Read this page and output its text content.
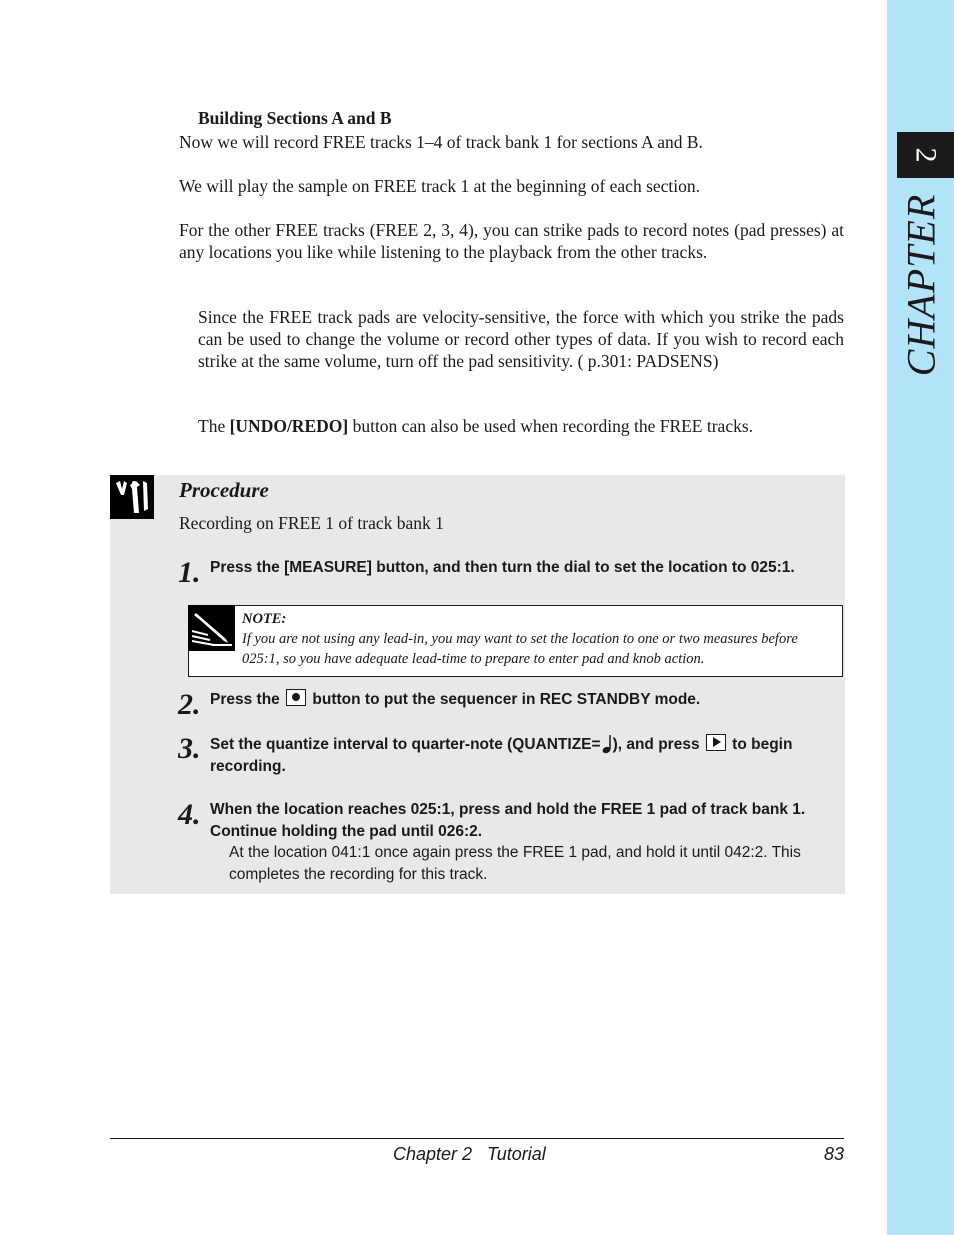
2
CHAPTER
Building Sections A and B

Now we will record FREE tracks 1–4 of track bank 1 for sections A and B.

We will play the sample on FREE track 1 at the beginning of each section.

For the other FREE tracks (FREE 2, 3, 4), you can strike pads to record notes (pad presses) at any locations you like while listening to the playback from the other tracks.

Since the FREE track pads are velocity-sensitive, the force with which you strike the pads can be used to change the volume or record other types of data. If you wish to record each strike at the same volume, turn off the pad sensitivity. ( p.301: PADSENS)

The [UNDO/REDO] button can also be used when recording the FREE tracks.

Procedure
Recording on FREE 1 of track bank 1
1. Press the [MEASURE] button, and then turn the dial to set the location to 025:1.
NOTE:
If you are not using any lead-in, you may want to set the location to one or two measures before 025:1, so you have adequate lead-time to prepare to enter pad and knob action.
2. Press the
button to put the sequencer in REC STANDBY mode.
3. Set the quantize interval to quarter-note (QUANTIZE= ), and press
to begin recording.
4. When the location reaches 025:1, press and hold the FREE 1 pad of track bank 1. Continue holding the pad until 026:2.
At the location 041:1 once again press the FREE 1 pad, and hold it until 042:2. This completes the recording for this track.
Chapter 2   Tutorial	83
